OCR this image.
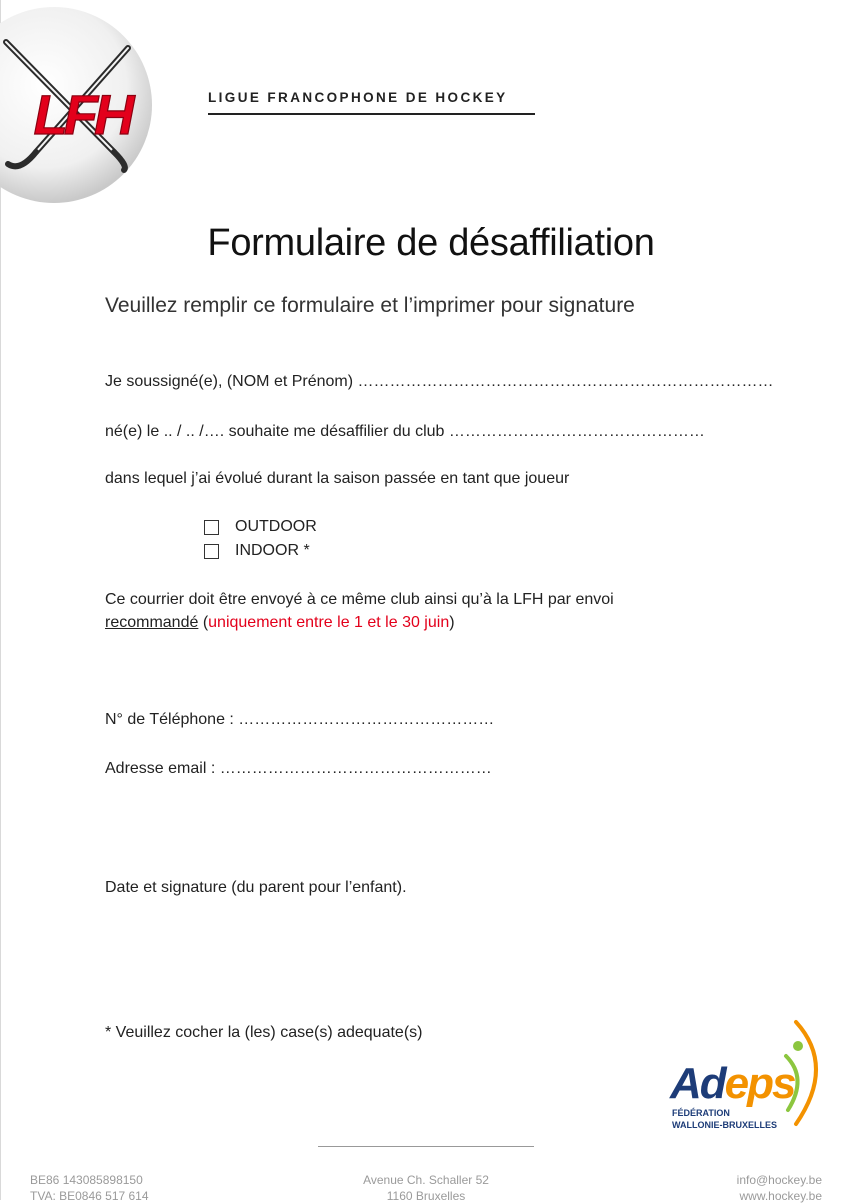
LFH	LIGUE FRANCOPHONE DE HOCKEY
Formulaire de désaffiliation
Veuillez remplir ce formulaire et l’imprimer pour signature
Je soussigné(e), (NOM et Prénom) ……………………………………………………………………
né(e) le .. / .. /…. souhaite me désaffilier du club …………………………………………
dans lequel j’ai évolué durant la saison passée en tant que joueur
OUTDOOR
INDOOR *
Ce courrier doit être envoyé à ce même club ainsi qu’à la LFH par envoi
recommandé (uniquement entre le 1 et le 30 juin)
N° de Téléphone : …………………………………………
Adresse email : ……………………………………………
Date et signature (du parent pour l’enfant).
* Veuillez cocher la (les) case(s) adequate(s)
Adeps
FÉDÉRATION
WALLONIE-BRUXELLES
BE86 143085898150
TVA: BE0846 517 614
Avenue Ch. Schaller 52
1160 Bruxelles
info@hockey.be
www.hockey.be
